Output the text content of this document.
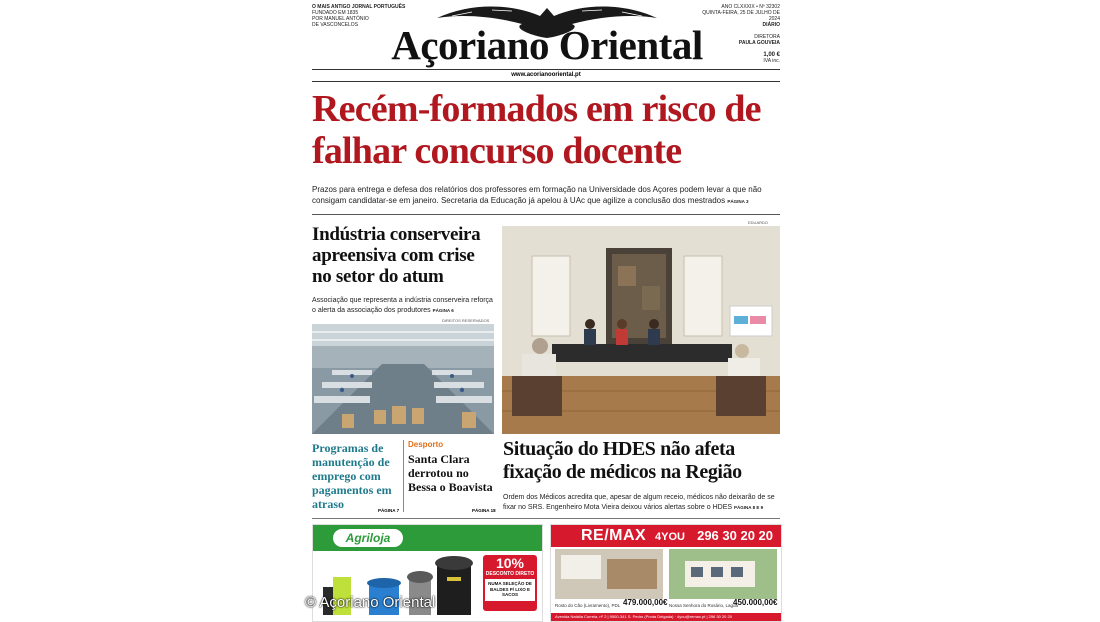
O MAIS ANTIGO JORNAL PORTUGUÊS
FUNDADO EM 1835
POR MANUEL ANTÓNIO
DE VASCONCELOS
ANO CLXXXIX • Nº 32302
QUINTA-FEIRA, 25 DE JULHO DE 2024
DIÁRIO
DIRETORA
PAULA GOUVEIA
1,00 €
IVA inc.
Açoriano Oriental
www.acorianooriental.pt
Recém-formados em risco de falhar concurso docente
Prazos para entrega e defesa dos relatórios dos professores em formação na Universidade dos Açores podem levar a que não consigam candidatar-se em janeiro. Secretaria da Educação já apelou à UAc que agilize a conclusão dos mestrados PÁGINA 3
Indústria conserveira apreensiva com crise no setor do atum
Associação que representa a indústria conserveira reforça o alerta da associação dos produtores PÁGINA 6
DIREITOS RESERVADOS
EDUARDO
Programas de manutenção de emprego com pagamentos em atraso	PÁGINA 7
Desporto
Santa Clara derrotou no Bessa o Boavista
PÁGINA 18
Situação do HDES não afeta fixação de médicos na Região
Ordem dos Médicos acredita que, apesar de algum receio, médicos não deixarão de se fixar no SRS. Engenheiro Mota Vieira deixou vários alertas sobre o HDES PÁGINA 8 E 9
Agriloja
10%
DESCONTO DIRETO
NUMA SELEÇÃO DE BALDES P/ LIXO E SACOS
RE/MAX 4YOU 296 30 20 20
Rosto do Cão (Livramento), PDL 479.000,00€ Nossa Senhora do Rosário, Lagoa
450.000,00€
Avenida Natália Correia, nº 2 | 9500-341 S. Pedro (Ponta Delgada) · 4you@remax.pt | 296 30 20 20
© Açoriano Oriental
